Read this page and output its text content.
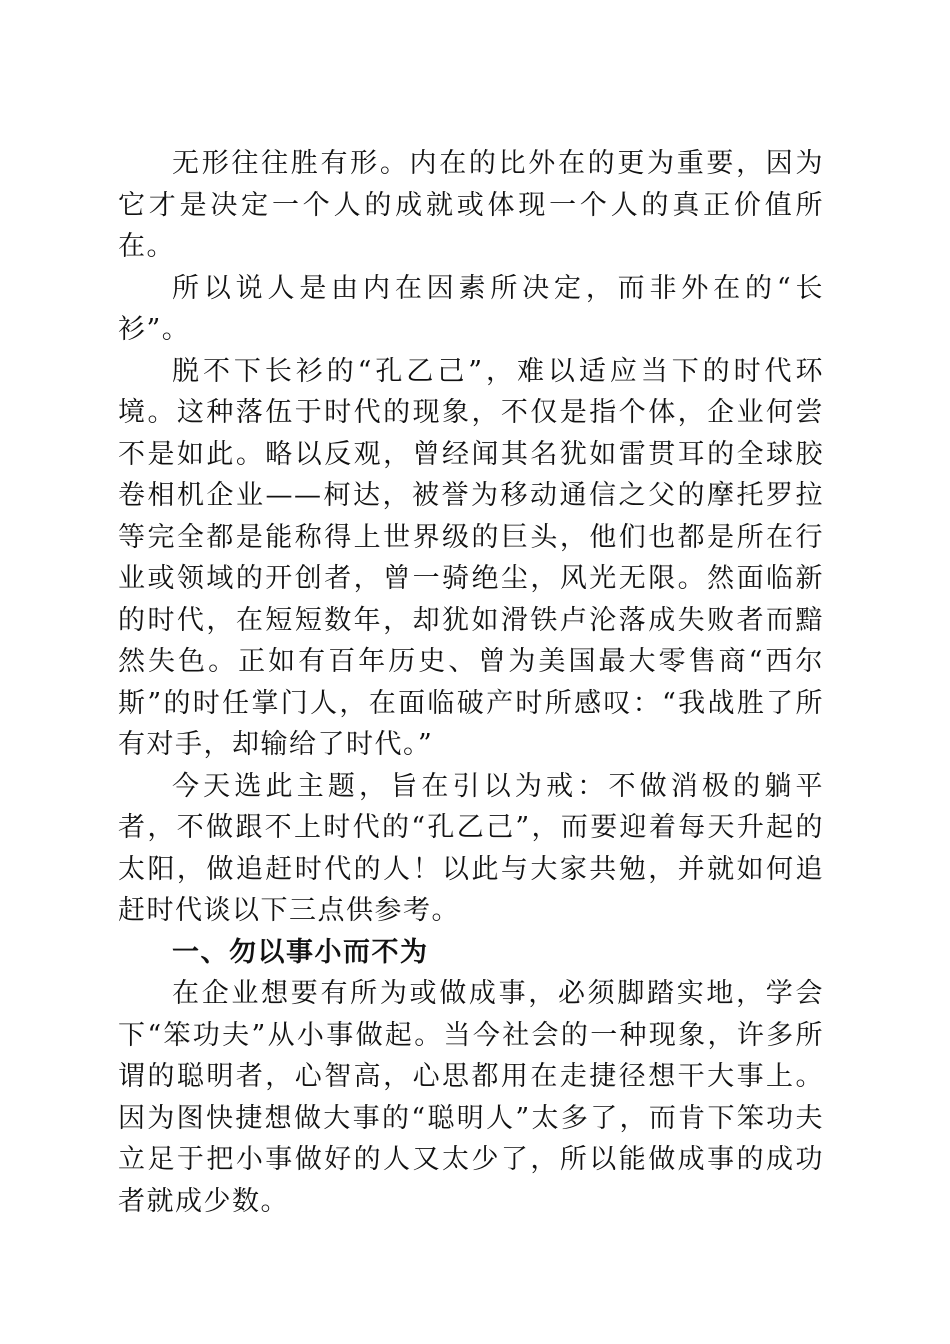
无形往往胜有形。内在的比外在的更为重要，因为它才是决定一个人的成就或体现一个人的真正价值所在。

所以说人是由内在因素所决定，而非外在的“长衫”。

脱不下长衫的“孔乙己”，难以适应当下的时代环境。这种落伍于时代的现象，不仅是指个体，企业何尝不是如此。略以反观，曾经闻其名犹如雷贯耳的全球胶卷相机企业——柯达，被誉为移动通信之父的摩托罗拉等完全都是能称得上世界级的巨头，他们也都是所在行业或领域的开创者，曾一骑绝尘，风光无限。然面临新的时代，在短短数年，却犹如滑铁卢沦落成失败者而黯然失色。正如有百年历史、曾为美国最大零售商“西尔斯”的时任掌门人，在面临破产时所感叹：“我战胜了所有对手，却输给了时代。”

今天选此主题，旨在引以为戒：不做消极的躺平者，不做跟不上时代的“孔乙己”，而要迎着每天升起的太阳，做追赶时代的人！以此与大家共勉，并就如何追赶时代谈以下三点供参考。

一、勿以事小而不为

在企业想要有所为或做成事，必须脚踏实地，学会下“笨功夫”从小事做起。当今社会的一种现象，许多所谓的聪明者，心智高，心思都用在走捷径想干大事上。因为图快捷想做大事的“聪明人”太多了，而肯下笨功夫立足于把小事做好的人又太少了，所以能做成事的成功者就成少数。
